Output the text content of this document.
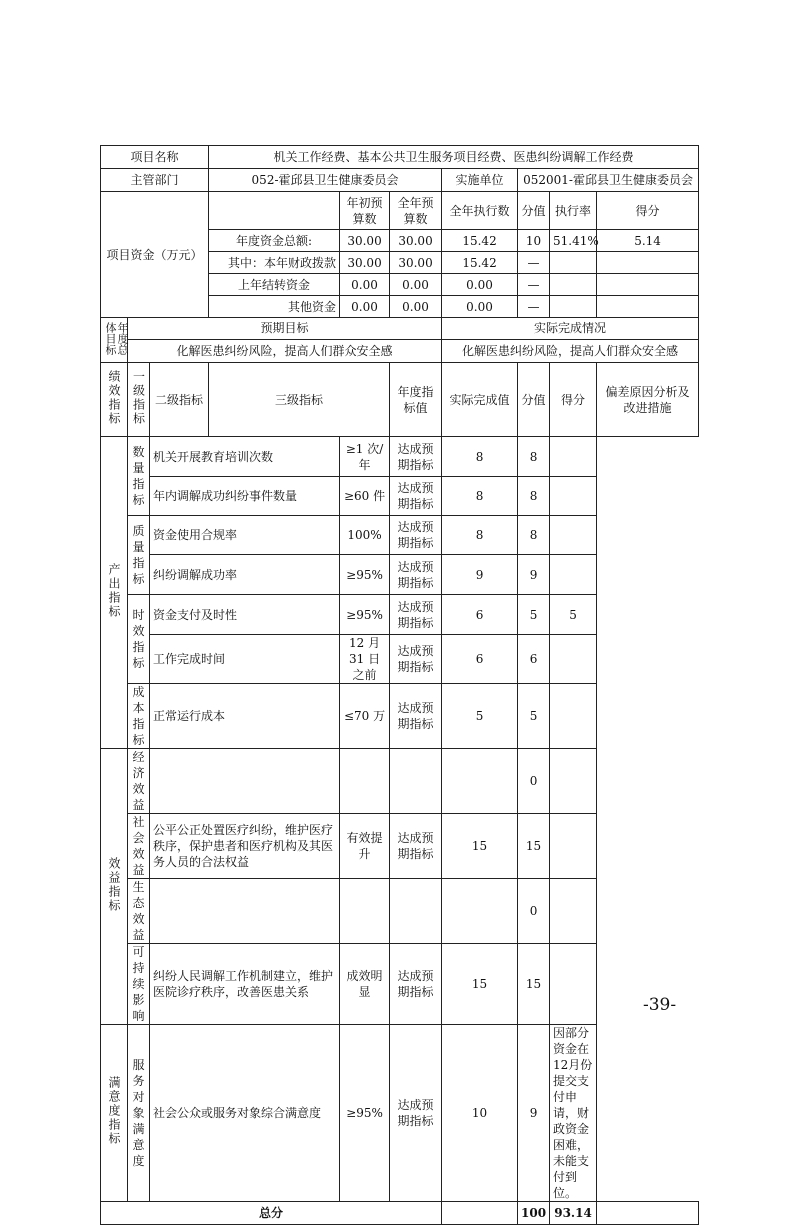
项目名称			机关工作经费、基本公共卫生服务项目经费、医患纠纷调解工作经费						
主管部门			052-霍邱县卫生健康委员会			实施单位	052001-霍邱县卫生健康委员会		
项目资金（万元）				年初预算数	全年预算数	全年执行数	分值	执行率	得分
			年度资金总额:	30.00	30.00	15.42	10	51.41%	5.14
			其中：本年财政拨款	30.00	30.00	15.42	—		
			上年结转资金	0.00	0.00	0.00	—		
			其他资金	0.00	0.00	0.00	—		
年度总体目标	预期目标					实际完成情况			
	化解医患纠纷风险，提高人们群众安全感					化解医患纠纷风险，提高人们群众安全感			
绩效指标	一级指标	二级指标	三级指标		年度指标值	实际完成值	分值	得分	偏差原因分析及改进措施
产出指标	数量指标	机关开展教育培训次数		≥1 次/年	达成预期指标	8	8		
		年内调解成功纠纷事件数量		≥60 件	达成预期指标	8	8		
	质量指标	资金使用合规率		100%	达成预期指标	8	8		
		纠纷调解成功率		≥95%	达成预期指标	9	9		
	时效指标	资金支付及时性		≥95%	达成预期指标	6	5	5	
		工作完成时间		12 月 31 日之前	达成预期指标	6	6		
	成本指标	正常运行成本		≤70 万	达成预期指标	5	5		
效益指标	经济效益						0		
	社会效益	公平公正处置医疗纠纷，维护医疗秩序，保护患者和医疗机构及其医务人员的合法权益		有效提升	达成预期指标	15	15		
	生态效益						0		
	可持续影响	纠纷人民调解工作机制建立，维护医院诊疗秩序，改善医患关系		成效明显	达成预期指标	15	15		
满意度指标	服务对象满意度	社会公众或服务对象综合满意度		≥95%	达成预期指标	10	9	因部分资金在12月份提交支付申请，财政资金困难，未能支付到位。	
总分							100	93.14	
-39-
